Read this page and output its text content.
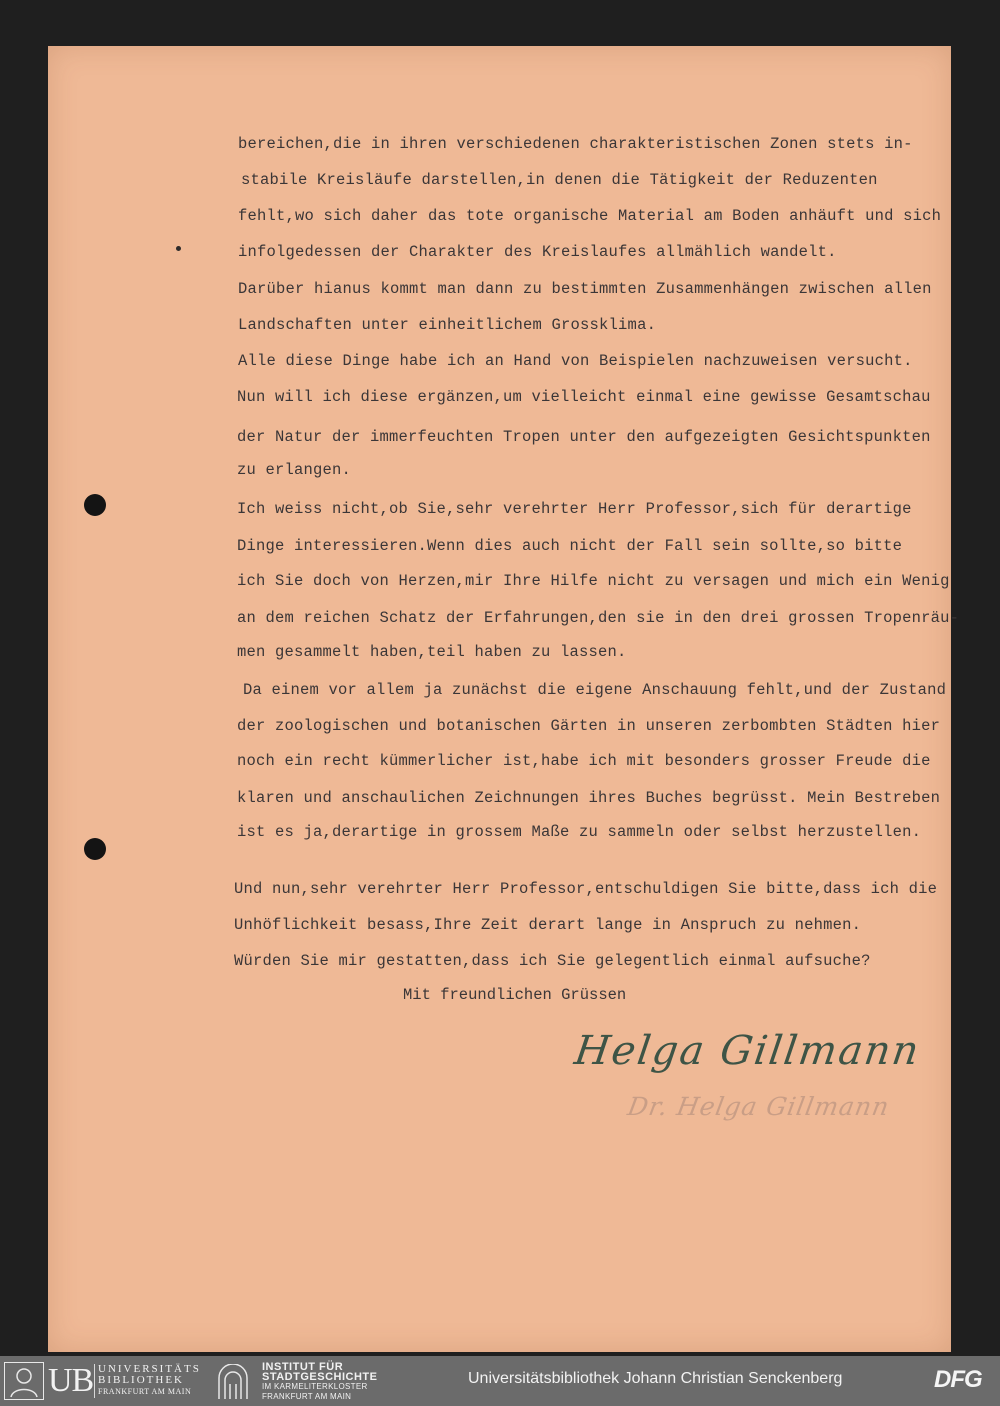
bereichen,die in ihren verschiedenen charakteristischen Zonen stets in-

stabile Kreisläufe darstellen,in denen die Tätigkeit der Reduzenten

fehlt,wo sich daher das tote organische Material am Boden anhäuft und sich

infolgedessen der Charakter des Kreislaufes allmählich wandelt.

Darüber hianus kommt man dann zu bestimmten Zusammenhängen zwischen allen

Landschaften unter einheitlichem Grossklima.

Alle diese Dinge habe ich an Hand von Beispielen nachzuweisen versucht.

Nun will ich diese ergänzen,um vielleicht einmal eine gewisse Gesamtschau

der Natur der immerfeuchten Tropen unter den aufgezeigten Gesichtspunkten

zu erlangen.

Ich weiss nicht,ob Sie,sehr verehrter Herr Professor,sich für derartige

Dinge interessieren.Wenn dies auch nicht der Fall sein sollte,so bitte

ich Sie doch von Herzen,mir Ihre Hilfe nicht zu versagen und mich ein Wenig

an dem reichen Schatz der Erfahrungen,den sie in den drei grossen Tropenräu-

men gesammelt haben,teil haben zu lassen.

Da einem vor allem ja zunächst die eigene Anschauung fehlt,und der Zustand

der zoologischen und botanischen Gärten in unseren zerbombten Städten hier

noch ein recht kümmerlicher ist,habe ich mit besonders grosser Freude die

klaren und anschaulichen Zeichnungen ihres Buches begrüsst. Mein Bestreben

ist es ja,derartige in grossem Maße zu sammeln oder selbst herzustellen.

Und nun,sehr verehrter Herr Professor,entschuldigen Sie bitte,dass ich die

Unhöflichkeit besass,Ihre Zeit derart lange in Anspruch zu nehmen.

Würden Sie mir gestatten,dass ich Sie gelegentlich einmal aufsuche?

Mit freundlichen Grüssen
Helga Gillmann
Dr. Helga Gillmann
UB UNIVERSITÄTS
BIBLIOTHEK
FRANKFURT AM MAIN
INSTITUT FÜR
STADTGESCHICHTE
IM KARMELITERKLOSTER
FRANKFURT AM MAIN
Universitätsbibliothek Johann Christian Senckenberg	DFG
